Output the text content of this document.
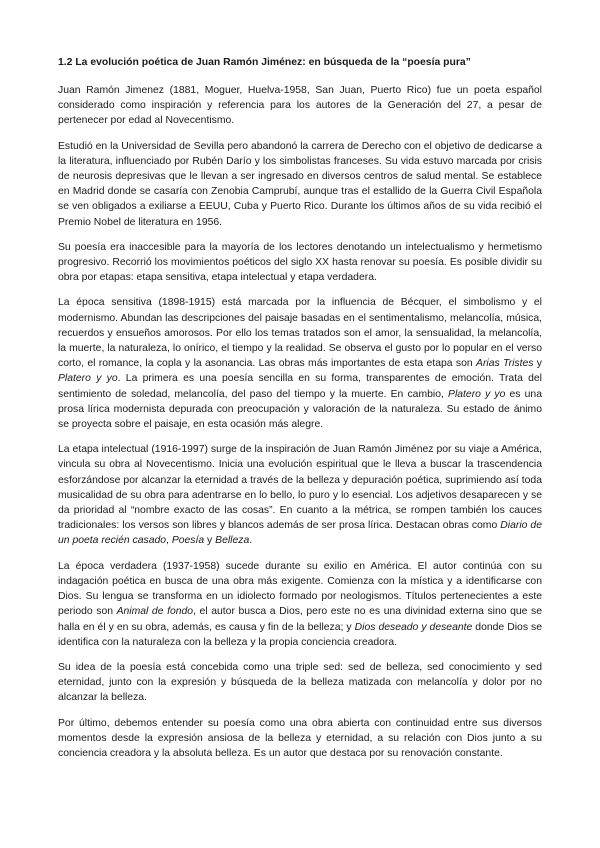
1.2 La evolución poética de Juan Ramón Jiménez: en búsqueda de la “poesía pura”

Juan Ramón Jimenez (1881, Moguer, Huelva-1958, San Juan, Puerto Rico) fue un poeta español considerado como inspiración y referencia para los autores de la Generación del 27, a pesar de pertenecer por edad al Novecentismo.

Estudió en la Universidad de Sevilla pero abandonó la carrera de Derecho con el objetivo de dedicarse a la literatura, influenciado por Rubén Darío y los simbolistas franceses. Su vida estuvo marcada por crisis de neurosis depresivas que le llevan a ser ingresado en diversos centros de salud mental. Se establece en Madrid donde se casaría con Zenobia Camprubí, aunque tras el estallido de la Guerra Civil Española se ven obligados a exiliarse a EEUU, Cuba y Puerto Rico. Durante los últimos años de su vida recibió el Premio Nobel de literatura en 1956.

Su poesía era inaccesible para la mayoría de los lectores denotando un intelectualismo y hermetismo progresivo. Recorrió los movimientos poéticos del siglo XX hasta renovar su poesía. Es posible dividir su obra por etapas: etapa sensitiva, etapa intelectual y etapa verdadera.

La época sensitiva (1898-1915) está marcada por la influencia de Bécquer, el simbolismo y el modernismo. Abundan las descripciones del paisaje basadas en el sentimentalismo, melancolía, música, recuerdos y ensueños amorosos. Por ello los temas tratados son el amor, la sensualidad, la melancolía, la muerte, la naturaleza, lo onírico, el tiempo y la realidad. Se observa el gusto por lo popular en el verso corto, el romance, la copla y la asonancia. Las obras más importantes de esta etapa son Arias Tristes y Platero y yo. La primera es una poesía sencilla en su forma, transparentes de emoción. Trata del sentimiento de soledad, melancolía, del paso del tiempo y la muerte. En cambio, Platero y yo es una prosa lírica modernista depurada con preocupación y valoración de la naturaleza. Su estado de ánimo se proyecta sobre el paisaje, en esta ocasión más alegre.

La etapa intelectual (1916-1997) surge de la inspiración de Juan Ramón Jiménez por su viaje a América, vincula su obra al Novecentismo. Inicia una evolución espiritual que le lleva a buscar la trascendencia esforzándose por alcanzar la eternidad a través de la belleza y depuración poética, suprimiendo así toda musicalidad de su obra para adentrarse en lo bello, lo puro y lo esencial. Los adjetivos desaparecen y se da prioridad al “nombre exacto de las cosas”. En cuanto a la métrica, se rompen también los cauces tradicionales: los versos son libres y blancos además de ser prosa lírica. Destacan obras como Diario de un poeta recién casado, Poesía y Belleza.

La época verdadera (1937-1958) sucede durante su exilio en América. El autor continúa con su indagación poética en busca de una obra más exigente. Comienza con la mística y a identificarse con Dios. Su lengua se transforma en un idiolecto formado por neologismos. Títulos pertenecientes a este periodo son Animal de fondo, el autor busca a Dios, pero este no es una divinidad externa sino que se halla en él y en su obra, además, es causa y fin de la belleza; y Dios deseado y deseante donde Dios se identifica con la naturaleza con la belleza y la propia conciencia creadora.

Su idea de la poesía está concebida como una triple sed: sed de belleza, sed conocimiento y sed eternidad, junto con la expresión y búsqueda de la belleza matizada con melancolía y dolor por no alcanzar la belleza.

Por último, debemos entender su poesía como una obra abierta con continuidad entre sus diversos momentos desde la expresión ansiosa de la belleza y eternidad, a su relación con Dios junto a su conciencia creadora y la absoluta belleza. Es un autor que destaca por su renovación constante.
